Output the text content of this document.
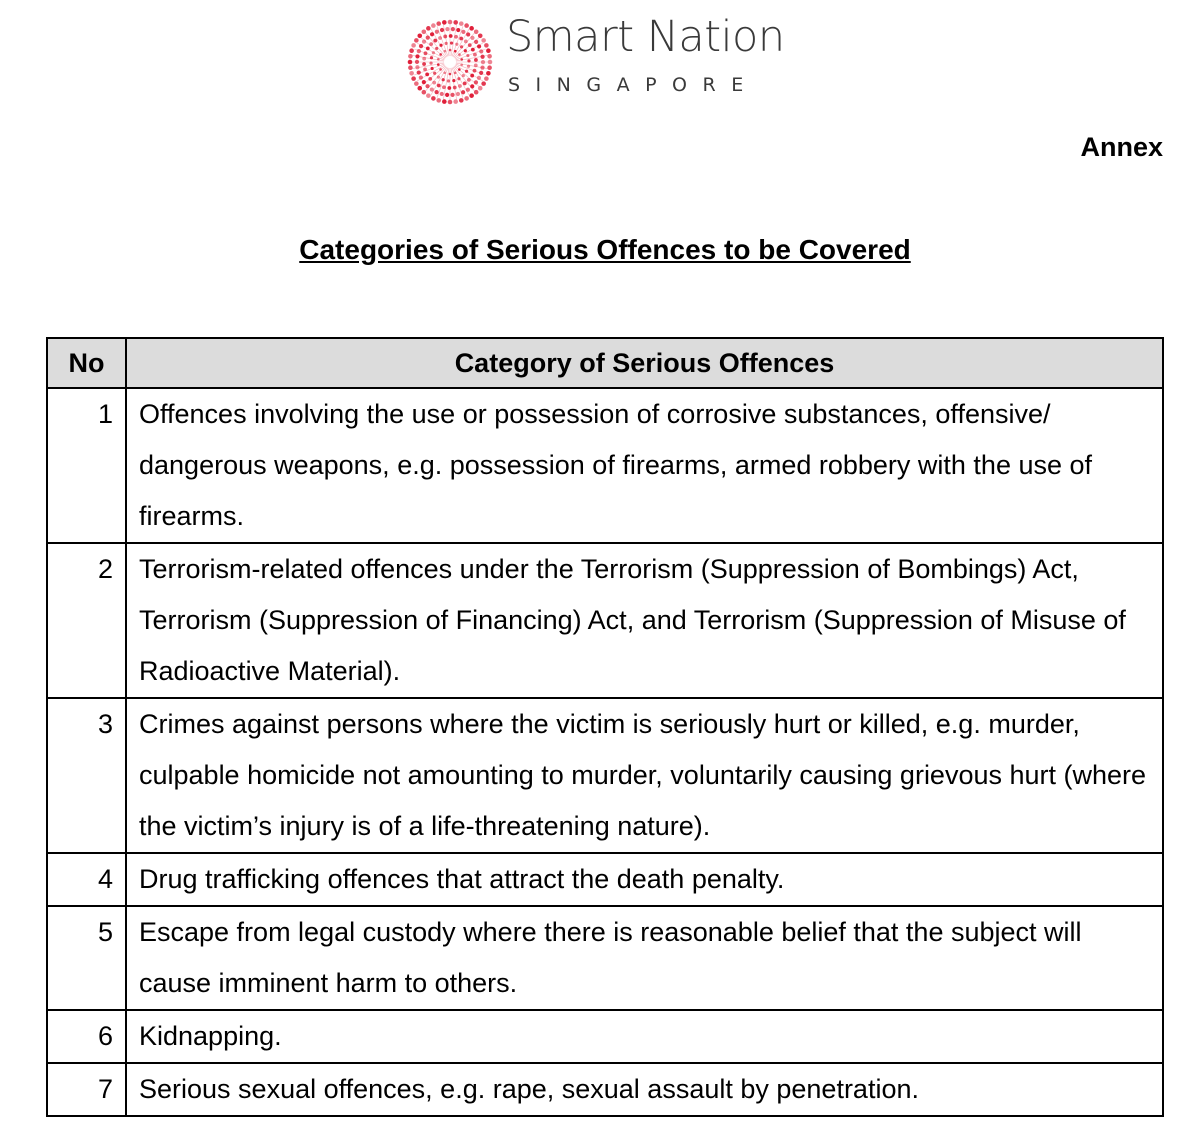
Smart Nation
SINGAPORE
Annex
Categories of Serious Offences to be Covered
No	Category of Serious Offences
1	Offences involving the use or possession of corrosive substances, offensive/ dangerous weapons, e.g. possession of firearms, armed robbery with the use of firearms.
2	Terrorism-related offences under the Terrorism (Suppression of Bombings) Act, Terrorism (Suppression of Financing) Act, and Terrorism (Suppression of Misuse of Radioactive Material).
3	Crimes against persons where the victim is seriously hurt or killed, e.g. murder, culpable homicide not amounting to murder, voluntarily causing grievous hurt (where the victim’s injury is of a life-threatening nature).
4	Drug trafficking offences that attract the death penalty.
5	Escape from legal custody where there is reasonable belief that the subject will cause imminent harm to others.
6	Kidnapping.
7	Serious sexual offences, e.g. rape, sexual assault by penetration.
